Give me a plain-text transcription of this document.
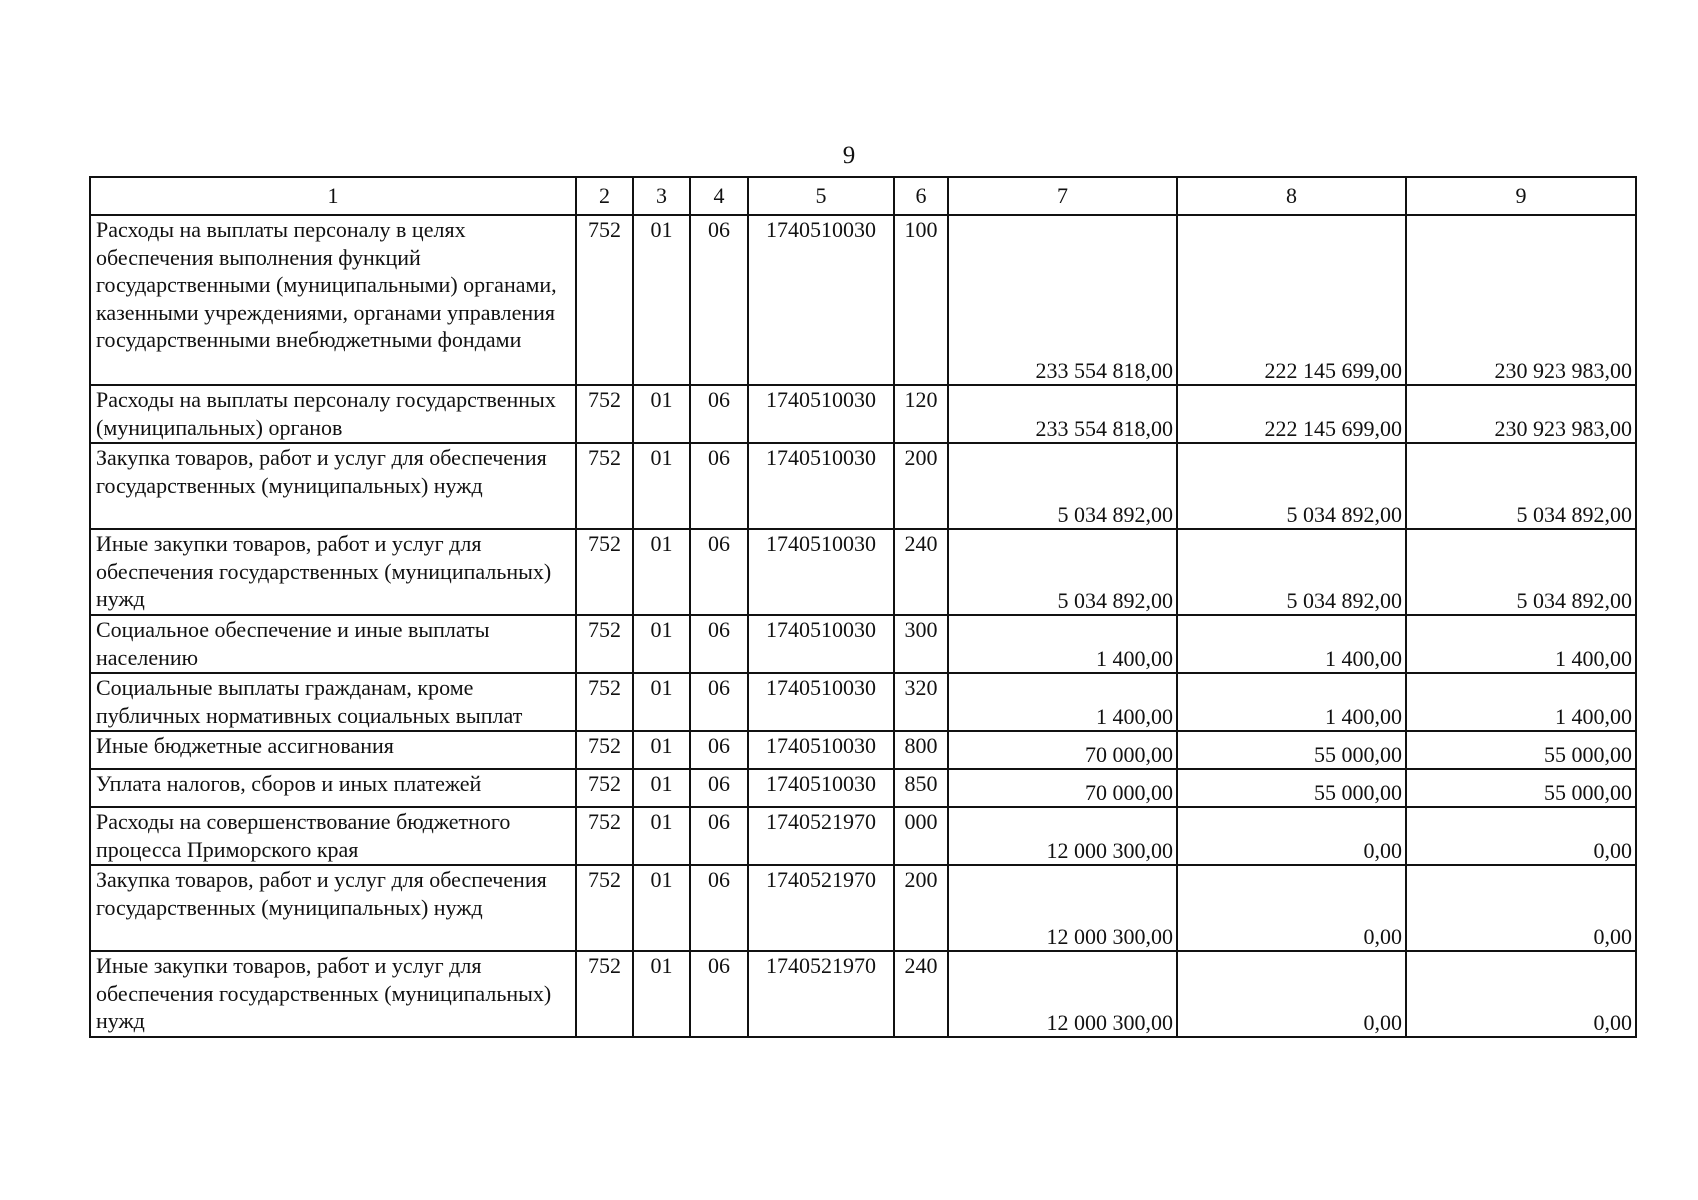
9
1	2	3	4	5	6	7	8	9
Расходы на выплаты персоналу в целях обеспечения выполнения функций государственными (муниципальными) органами, казенными учреждениями, органами управления государственными внебюджетными фондами	752	01	06	1740510030	100	233 554 818,00	222 145 699,00	230 923 983,00
Расходы на выплаты персоналу государственных (муниципальных) органов	752	01	06	1740510030	120	233 554 818,00	222 145 699,00	230 923 983,00
Закупка товаров, работ и услуг для обеспечения государственных (муниципальных) нужд	752	01	06	1740510030	200	5 034 892,00	5 034 892,00	5 034 892,00
Иные закупки товаров, работ и услуг для обеспечения государственных (муниципальных) нужд	752	01	06	1740510030	240	5 034 892,00	5 034 892,00	5 034 892,00
Социальное обеспечение и иные выплаты населению	752	01	06	1740510030	300	1 400,00	1 400,00	1 400,00
Социальные выплаты гражданам, кроме публичных нормативных социальных выплат	752	01	06	1740510030	320	1 400,00	1 400,00	1 400,00
Иные бюджетные ассигнования	752	01	06	1740510030	800	70 000,00	55 000,00	55 000,00
Уплата налогов, сборов и иных платежей	752	01	06	1740510030	850	70 000,00	55 000,00	55 000,00
Расходы на совершенствование бюджетного процесса Приморского края	752	01	06	1740521970	000	12 000 300,00	0,00	0,00
Закупка товаров, работ и услуг для обеспечения государственных (муниципальных) нужд	752	01	06	1740521970	200	12 000 300,00	0,00	0,00
Иные закупки товаров, работ и услуг для обеспечения государственных (муниципальных) нужд	752	01	06	1740521970	240	12 000 300,00	0,00	0,00
